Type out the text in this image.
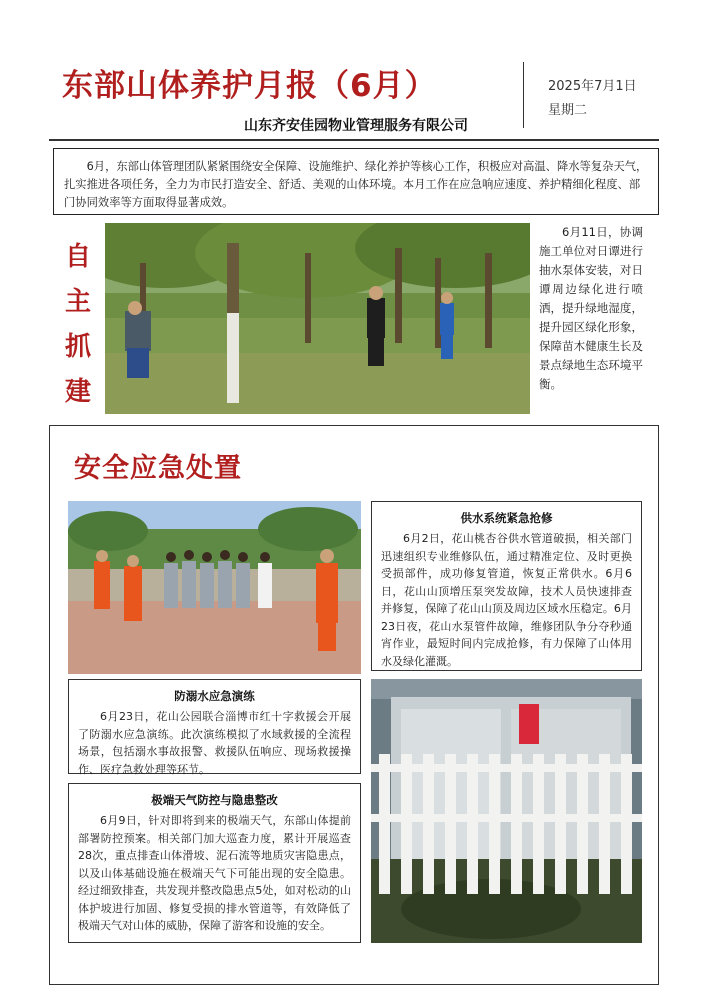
东部山体养护月报（6月）	2025年7月1日
星期二
山东齐安佳园物业管理服务有限公司
6月，东部山体管理团队紧紧围绕安全保障、设施维护、绿化养护等核心工作，积极应对高温、降水等复杂天气，扎实推进各项任务，全力为市民打造安全、舒适、美观的山体环境。本月工作在应急响应速度、养护精细化程度、部门协同效率等方面取得显著成效。
自
主
抓
建
6月11日，协调施工单位对日谭进行抽水泵体安装，对日谭周边绿化进行喷洒，提升绿地湿度，提升园区绿化形象，保障苗木健康生长及景点绿地生态环境平衡。
安全应急处置
供水系统紧急抢修
6月2日，花山桃杏谷供水管道破损，相关部门迅速组织专业维修队伍，通过精准定位、及时更换受损部件，成功修复管道，恢复正常供水。6月6日，花山山顶增压泵突发故障，技术人员快速排查并修复，保障了花山山顶及周边区域水压稳定。6月23日夜，花山水泵管件故障，维修团队争分夺秒通宵作业，最短时间内完成抢修，有力保障了山体用水及绿化灌溉。
防溺水应急演练
6月23日，花山公园联合淄博市红十字救援会开展了防溺水应急演练。此次演练模拟了水域救援的全流程场景，包括溺水事故报警、救援队伍响应、现场救援操作、医疗急救处理等环节。
极端天气防控与隐患整改
6月9日，针对即将到来的极端天气，东部山体提前部署防控预案。相关部门加大巡查力度，累计开展巡查28次，重点排查山体滑坡、泥石流等地质灾害隐患点，以及山体基础设施在极端天气下可能出现的安全隐患。经过细致排查，共发现并整改隐患点5处，如对松动的山体护坡进行加固、修复受损的排水管道等，有效降低了极端天气对山体的威胁，保障了游客和设施的安全。
